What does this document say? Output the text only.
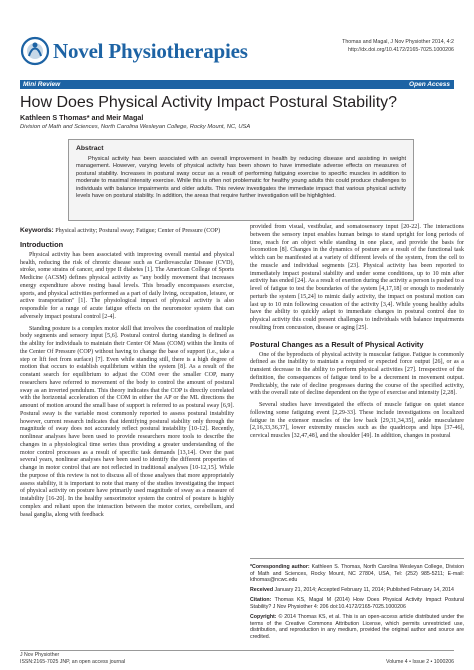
Novel Physiotherapies	Thomas and Magal, J Nov Physiother 2014, 4:2
http://dx.doi.org/10.4172/2165-7025.1000206
Mini Review	Open Access
How Does Physical Activity Impact Postural Stability?
Kathleen S Thomas* and Meir Magal
Division of Math and Sciences, North Carolina Wesleyan College, Rocky Mount, NC, USA
Abstract
Physical activity has been associated with an overall improvement in health by reducing disease and assisting in weight management. However, varying levels of physical activity has been shown to have immediate adverse effects on measures of postural stability. Increases in postural sway occur as a result of performing fatiguing exercise to specific muscles in addition to moderate to maximal intensity exercise. While this is often not problematic for healthy young adults this could produce challenges to individuals with balance impairments and older adults. This review investigates the immediate impact that various physical activity levels have on postural stability. In addition, the areas that require further investigation will be highlighted.

Keywords: Physical activity; Postural sway; Fatigue; Center of Pressure (COP)

Introduction

Physical activity has been associated with improving overall mental and physical health, reducing the risk of chronic disease such as Cardiovascular Disease (CVD), stroke, some strains of cancer, and type II diabetes [1]. The American College of Sports Medicine (ACSM) defines physical activity as "any bodily movement that increases energy expenditure above resting basal levels. This broadly encompasses exercise, sports, and physical activities performed as a part of daily living, occupation, leisure, or active transportation" [1]. The physiological impact of physical activity is also responsible for a range of acute fatigue effects on the neuromotor system that can adversely impact postural control [2-4].

Standing posture is a complex motor skill that involves the coordination of multiple body segments and sensory input [5,6]. Postural control during standing is defined as the ability for individuals to maintain their Center Of Mass (COM) within the limits of the Center Of Pressure (COP) without having to change the base of support (i.e., take a step or lift feet from surface) [7]. Even while standing still, there is a high degree of motion that occurs to establish equilibrium within the system [8]. As a result of the constant search for equilibrium to adjust the COM over the smaller COP, many researchers have referred to movement of the body to control the amount of postural sway as an inverted pendulum. This theory indicates that the COP is directly correlated with the horizontal acceleration of the COM in either the AP or the ML directions the amount of motion around the small base of support is referred to as postural sway [6,9]. Postural sway is the variable most commonly reported to assess postural instability however, current research indicates that identifying postural stability only through the magnitude of sway does not accurately reflect postural instability [10-12]. Recently, nonlinear analyses have been used to provide researchers more tools to describe the changes in a physiological time series thus providing a greater understanding of the motor control processes as a result of specific task demands [13,14]. Over the past several years, nonlinear analyses have been used to identify the different properties of change in motor control that are not reflected in traditional analyses [10-12,15]. While the purpose of this review is not to discuss all of those analyses that more appropriately assess stability, it is important to note that many of the studies investigating the impact of physical activity on posture have primarily used magnitude of sway as a measure of instability [16-20]. In the healthy sensorimotor system the control of posture is highly complex and reliant upon the interaction between the motor cortex, cerebellum, and basal ganglia, along with feedback

provided from visual, vestibular, and somatosensory input [20-22]. The interactions between the sensory input enables human beings to stand upright for long periods of time, reach for an object while standing in one place, and provide the basis for locomotion [8]. Changes in the dynamics of posture are a result of the functional task which can be manifested at a variety of different levels of the system, from the cell to the muscle and individual segments [23]. Physical activity has been reported to immediately impact postural stability and under some conditions, up to 10 min after activity has ended [24]. As a result of exertion during the activity a person is pushed to a level of fatigue to test the boundaries of the system [4,17,18] or enough to moderately perturb the system [15,24] to mimic daily activity, the impact on postural motion can last up to 10 min following cessation of the activity [3,4]. While young healthy adults have the ability to quickly adapt to immediate changes in postural control due to physical activity this could present challenges to individuals with balance impairments resulting from concussion, disease or aging [25].

Postural Changes as a Result of Physical Activity

One of the byproducts of physical activity is muscular fatigue. Fatigue is commonly defined as the inability to maintain a required or expected force output [26], or as a transient decrease in the ability to perform physical activities [27]. Irrespective of the definition, the consequences of fatigue tend to be a decrement in movement output. Predictably, the rate of decline progresses during the course of the specified activity, with the overall rate of decline dependent on the type of exercise and intensity [2,28].

Several studies have investigated the effects of muscle fatigue on quiet stance following some fatiguing event [2,29-33]. These include investigations on localized fatigue in the extensor muscles of the low back [29,31,34,35], ankle musculature [2,16,33,36,37], lower extremity muscles such as the quadriceps and hips [37-46], cervical muscles [32,47,48], and the shoulder [49]. In addition, changes in postural

*Corresponding author: Kathleen S. Thomas, North Carolina Wesleyan College, Division of Math and Sciences, Rocky Mount, NC 27804, USA, Tel: (252) 985-5211; E-mail: kthomas@ncwc.edu

Received January 21, 2014; Accepted February 11, 2014; Published February 14, 2014

Citation: Thomas KS, Magal M (2014) How Does Physical Activity Impact Postural Stability? J Nov Physiother 4: 206 doi:10.4172/2165-7025.1000206

Copyright: © 2014 Thomas KS, et al. This is an open-access article distributed under the terms of the Creative Commons Attribution License, which permits unrestricted use, distribution, and reproduction in any medium, provided the original author and source are credited.

J Nov Physiother
ISSN:2165-7025 JNP, an open access journal	Volume 4 • Issue 2 • 1000206
